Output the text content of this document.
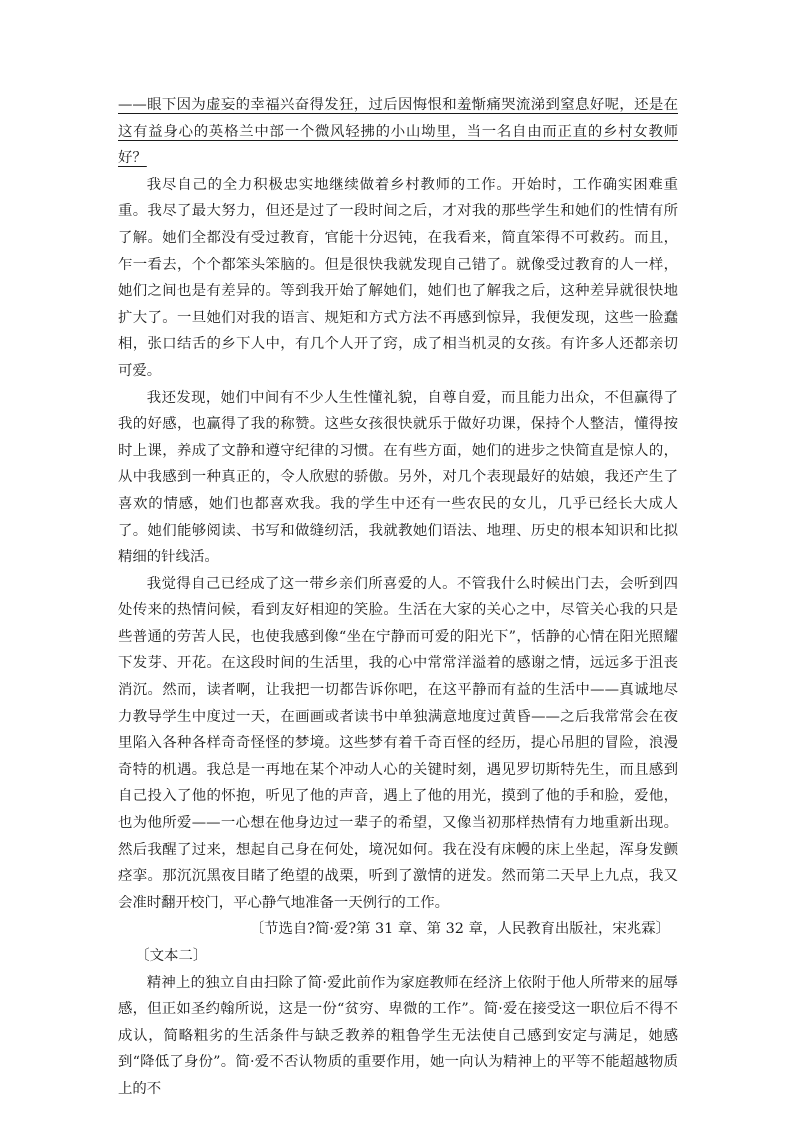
——眼下因为虚妄的幸福兴奋得发狂，过后因悔恨和羞惭痛哭流涕到窒息好呢，还是在这有益身心的英格兰中部一个微风轻拂的小山坳里，当一名自由而正直的乡村女教师好？

我尽自己的全力积极忠实地继续做着乡村教师的工作。开始时，工作确实困难重重。我尽了最大努力，但还是过了一段时间之后，才对我的那些学生和她们的性情有所了解。她们全都没有受过教育，官能十分迟钝，在我看来，简直笨得不可救药。而且，乍一看去，个个都笨头笨脑的。但是很快我就发现自己错了。就像受过教育的人一样，她们之间也是有差异的。等到我开始了解她们，她们也了解我之后，这种差异就很快地扩大了。一旦她们对我的语言、规矩和方式方法不再感到惊异，我便发现，这些一脸蠢相，张口结舌的乡下人中，有几个人开了窍，成了相当机灵的女孩。有许多人还都亲切可爱。

我还发现，她们中间有不少人生性懂礼貌，自尊自爱，而且能力出众，不但赢得了我的好感，也赢得了我的称赞。这些女孩很快就乐于做好功课，保持个人整洁，懂得按时上课，养成了文静和遵守纪律的习惯。在有些方面，她们的进步之快简直是惊人的，从中我感到一种真正的，令人欣慰的骄傲。另外，对几个表现最好的姑娘，我还产生了喜欢的情感，她们也都喜欢我。我的学生中还有一些农民的女儿，几乎已经长大成人了。她们能够阅读、书写和做缝纫活，我就教她们语法、地理、历史的根本知识和比拟精细的针线活。

我觉得自己已经成了这一带乡亲们所喜爱的人。不管我什么时候出门去，会听到四处传来的热情问候，看到友好相迎的笑脸。生活在大家的关心之中，尽管关心我的只是些普通的劳苦人民，也使我感到像“坐在宁静而可爱的阳光下”，恬静的心情在阳光照耀下发芽、开花。在这段时间的生活里，我的心中常常洋溢着的感谢之情，远远多于沮丧消沉。然而，读者啊，让我把一切都告诉你吧，在这平静而有益的生活中——真诚地尽力教导学生中度过一天，在画画或者读书中单独满意地度过黄昏——之后我常常会在夜里陷入各种各样奇奇怪怪的梦境。这些梦有着千奇百怪的经历，提心吊胆的冒险，浪漫奇特的机遇。我总是一再地在某个冲动人心的关键时刻，遇见罗切斯特先生，而且感到自己投入了他的怀抱，听见了他的声音，遇上了他的用光，摸到了他的手和脸，爱他，也为他所爱——一心想在他身边过一辈子的希望，又像当初那样热情有力地重新出现。然后我醒了过来，想起自己身在何处，境况如何。我在没有床幔的床上坐起，浑身发颤痉挛。那沉沉黑夜目睹了绝望的战栗，听到了激情的迸发。然而第二天早上九点，我又会准时翻开校门，平心静气地准备一天例行的工作。

〔节选自?简·爱?第 31 章、第 32 章，人民教育出版社，宋兆霖〕

〔文本二〕

精神上的独立自由扫除了简·爱此前作为家庭教师在经济上依附于他人所带来的屈辱感，但正如圣约翰所说，这是一份“贫穷、卑微的工作”。简·爱在接受这一职位后不得不成认，简略粗劣的生活条件与缺乏教养的粗鲁学生无法使自己感到安定与满足，她感到“降低了身份”。简·爱不否认物质的重要作用，她一向认为精神上的平等不能超越物质上的不
